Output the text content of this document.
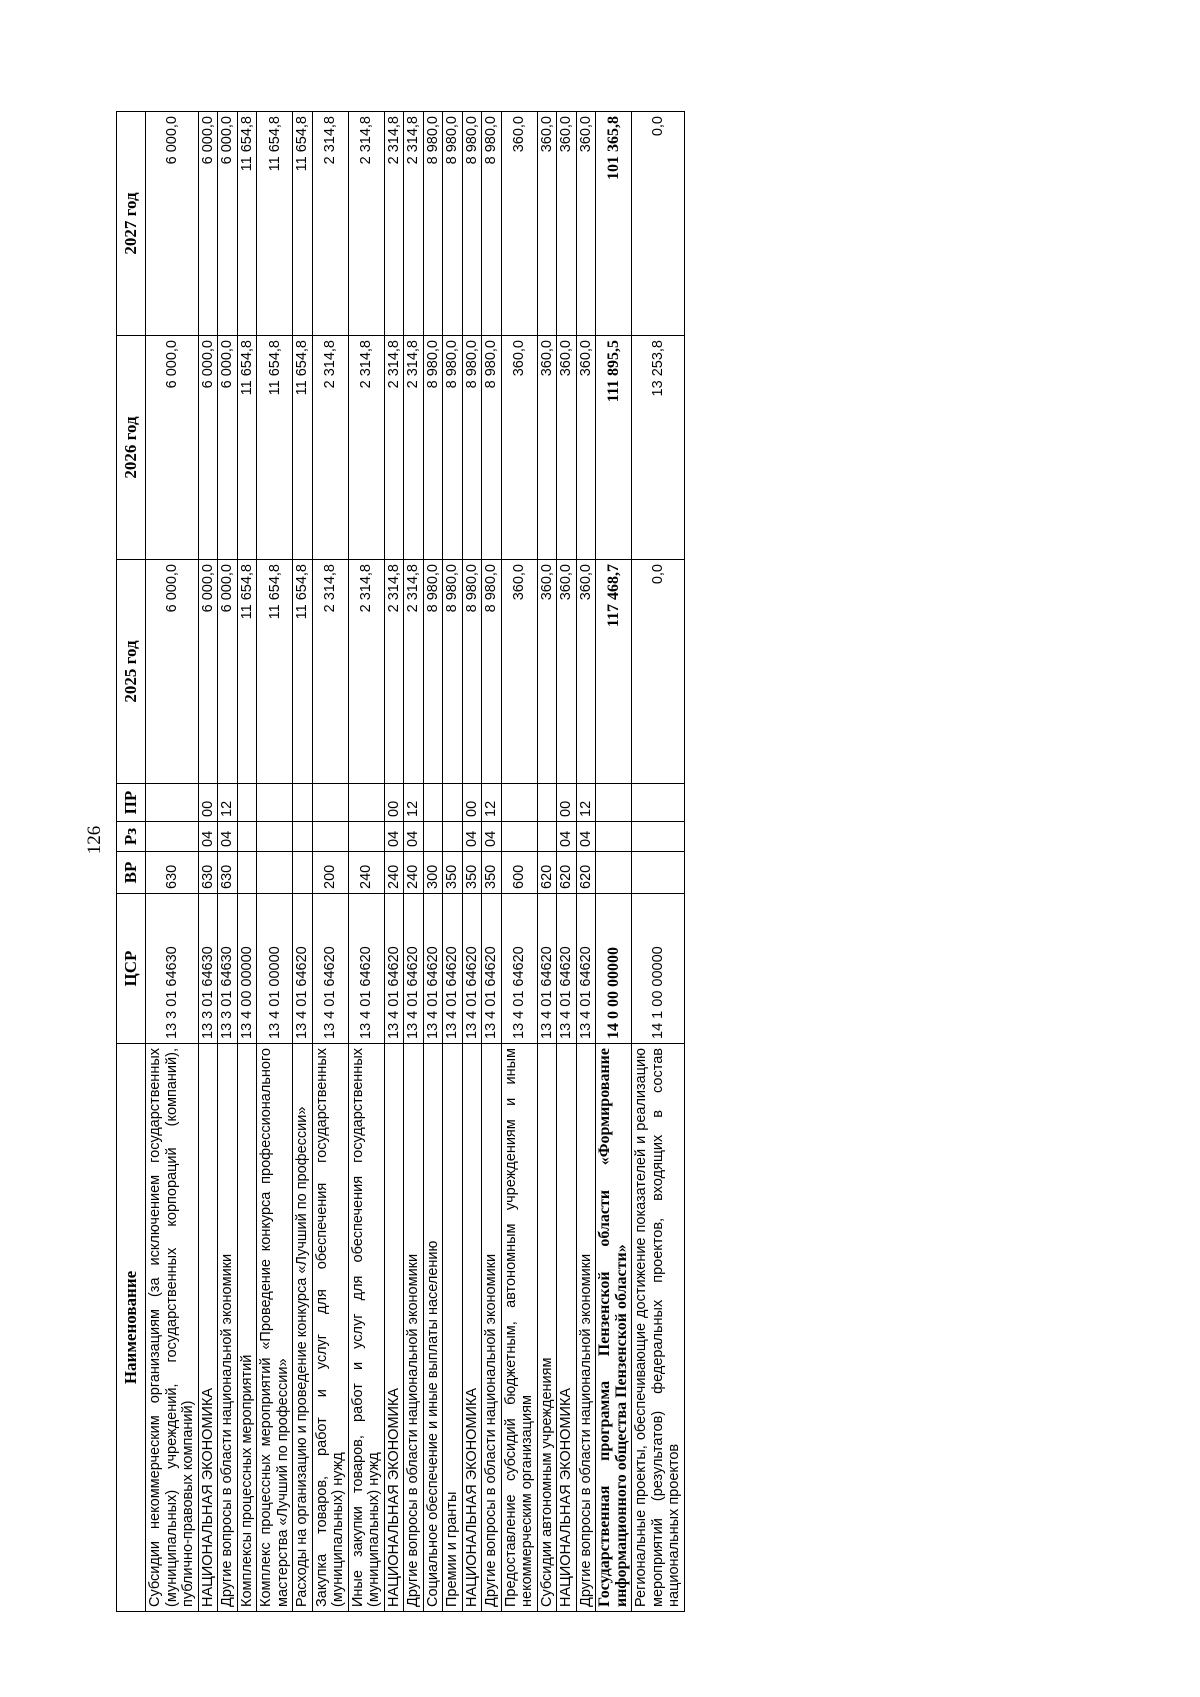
126
Наименование	ЦСР	ВР	Рз	ПР	2025 год	2026 год	2027 год
Субсидии некоммерческим организациям (за исключением государственных (муниципальных) учреждений, государственных корпораций (компаний), публично-правовых компаний)	13 3 01 64630	630			6 000,0	6 000,0	6 000,0
НАЦИОНАЛЬНАЯ ЭКОНОМИКА	13 3 01 64630	630	04	00	6 000,0	6 000,0	6 000,0
Другие вопросы в области национальной экономики	13 3 01 64630	630	04	12	6 000,0	6 000,0	6 000,0
Комплексы процессных мероприятий	13 4 00 00000				11 654,8	11 654,8	11 654,8
Комплекс процессных мероприятий «Проведение конкурса профессионального мастерства «Лучший по профессии»	13 4 01 00000				11 654,8	11 654,8	11 654,8
Расходы на организацию и проведение конкурса «Лучший по профессии»	13 4 01 64620				11 654,8	11 654,8	11 654,8
Закупка товаров, работ и услуг для обеспечения государственных (муниципальных) нужд	13 4 01 64620	200			2 314,8	2 314,8	2 314,8
Иные закупки товаров, работ и услуг для обеспечения государственных (муниципальных) нужд	13 4 01 64620	240			2 314,8	2 314,8	2 314,8
НАЦИОНАЛЬНАЯ ЭКОНОМИКА	13 4 01 64620	240	04	00	2 314,8	2 314,8	2 314,8
Другие вопросы в области национальной экономики	13 4 01 64620	240	04	12	2 314,8	2 314,8	2 314,8
Социальное обеспечение и иные выплаты населению	13 4 01 64620	300			8 980,0	8 980,0	8 980,0
Премии и гранты	13 4 01 64620	350			8 980,0	8 980,0	8 980,0
НАЦИОНАЛЬНАЯ ЭКОНОМИКА	13 4 01 64620	350	04	00	8 980,0	8 980,0	8 980,0
Другие вопросы в области национальной экономики	13 4 01 64620	350	04	12	8 980,0	8 980,0	8 980,0
Предоставление субсидий бюджетным, автономным учреждениям и иным некоммерческим организациям	13 4 01 64620	600			360,0	360,0	360,0
Субсидии автономным учреждениям	13 4 01 64620	620			360,0	360,0	360,0
НАЦИОНАЛЬНАЯ ЭКОНОМИКА	13 4 01 64620	620	04	00	360,0	360,0	360,0
Другие вопросы в области национальной экономики	13 4 01 64620	620	04	12	360,0	360,0	360,0
Государственная программа Пензенской области «Формирование информационного общества Пензенской области»	14 0 00 00000				117 468,7	111 895,5	101 365,8
Региональные проекты, обеспечивающие достижение показателей и реализацию мероприятий (результатов) федеральных проектов, входящих в состав национальных проектов	14 1 00 00000				0,0	13 253,8	0,0
